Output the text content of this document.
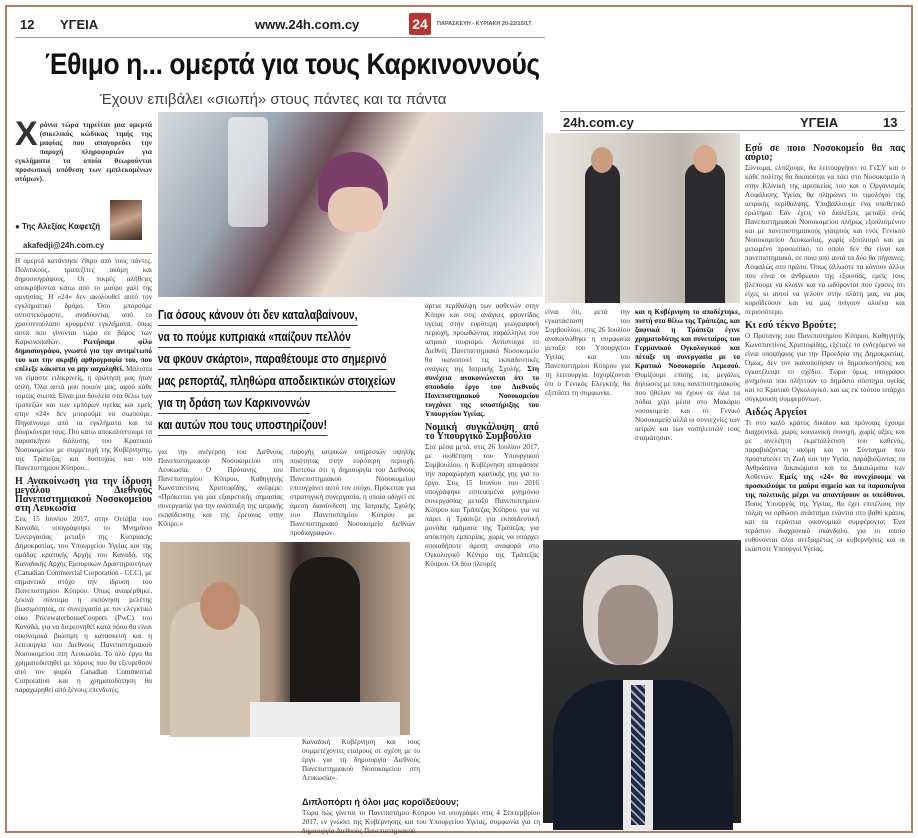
12 ΥΓΕΙΑ	www.24h.com.cy	24	ΠΑΡΑΣΚΕΥΗ - ΚΥΡΙΑΚΗ 20-22/10/17
Έθιμο η... ομερτά για τους Καρκινοννούς
Έχουν επιβάλει «σιωπή» στους πάντες και τα πάντα
24h.com.cy	ΥΓΕΙΑ	13
Χρόνια τώρα τηρείται μια ομερτά (σικελικός κώδικας τιμής της μαφίας που απαγορεύει την παροχή πληροφοριών για εγκλήματα τα οποία θεωρούνται προσωπική υπόθεση των εμπλεκομένων ατόμων).
● Της Αλεξίας Καφετζή
akafedji@24h.com.cy
Η ομερτά κατάντησε έθιμο από τους πάντες. Πολιτικούς, τραπεζίτες ακόμη και δημοσιογράφους. Οι πικρές αλήθειες αποκρύβονται κάτω από το μαύρο χαλί της αμνησίας. Η «24» δεν ακολουθεί αυτό τον εγκληματικό δρόμο. Όσο μπορούμε αντιστεκόμαστε, αναδύοντας από το χρονοντούλαπο κρυμμένα εγκλήματα, όπως αυτά που γίνονται τώρα σε βάρος των Καρκινοπαθών.	Ρωτήσαμε φίλο δημοσιογράφο, γνωστό για την αντιμέτωπό του και την ακριβή αρθρογραφία του, που επέλεξε κάκιστα να μην ασχοληθεί. Μάλιστα να είμαστε ειλικρινείς, η ερώτησή μας ήταν απλή. Όλα αυτά μου ποιούν μας, αφού κάθε τομέας σιωπά. Είναι μια δουλεία στα θέλω των τραπεζών και των εμπόρων υγείας και εμείς στην «24» δεν μπορούμε να σιωπούμε. Πηγαίνουμε από τα εγκλήματα και τα βουρκόνερα τους. Πιο κάτω αποκαλύπτουμε τα παρασκήνια διάλυσης του Κρατικού Νοσοκομείου με συμμετοχή της Κυβέρνησης, της Τράπεζας και δυστυχώς και του Πανεπιστημίου Κύπρου...
Η Ανακοίνωση για την ίδρυση μεγάλου Διεθνούς Πανεπιστημιακού Νοσοκομείου στη Λευκωσία
Στις 15 Ιουνίου 2017, στην Οττάβα του Καναδά, υπογράφτηκε το Μνημόνιο Συνεργασίας μεταξύ της Κυπριακής Δημοκρατίας, του Υπουργείου Υγείας και της ομάδας κρατικής Αρχής του Καναδά, της Καναδικής Αρχής Εμπορικών Δραστηριοτήτων (Canadian Commercial Corporation - CCC), με σημαντικό στόχο την ίδρυση του Πανεπιστημίου Κύπρου. Όπως αναφέρθηκε, ξεκινά σύντομα η εκπόνηση μελέτης βιωσιμότητας, σε συνεργασία με τον ελεγκτικό οίκο PricewaterhouseCoopers (PwC) του Καναδά, για να διερευνηθεί κατά πόσο θα είναι οικονομικά βιώσιμη η κατασκευή και η λειτουργία του Διεθνούς Πανεπιστημιακού Νοσοκομείου στη Λευκωσία. Το όλο έργο θα χρηματοδοτηθεί με πόρους που θα εξευρεθούν από τον φορέα Canadian Commercial Corporation και η χρηματοδότηση θα παραχωρηθεί από ξένους επενδυτές.
Για όσους κάνουν ότι δεν καταλαβαίνουν,
να το πούμε κυπριακά «παίζουν πελλόν
να φκουν σκάρτοι», παραθέτουμε στο σημερινό
μας ρεπορτάζ, πληθώρα αποδεικτικών στοιχείων
για τη δράση των Καρκινοννών
και αυτών που τους υποστηρίζουν!
για την ανέγερση του Διεθνούς Πανεπιστημιακού Νοσοκομείου στη Λευκωσία. Ο Πρύτανης του Πανεπιστημίου Κύπρου, Καθηγητής Κωνσταντίνος Χριστοφίδης, ανέφερε: «Πρόκειται για μια εξαιρετικής σημασίας συνεργασία για την ανάπτυξη της ιατρικής εκπαίδευσης και της έρευνας στην Κύπρο.»
παροχής ιατρικών υπηρεσιών υψηλής ποιότητας στην ευρύτερη περιοχή. Πιστεύω ότι η δημιουργία του Διεθνούς Πανεπιστημιακού Νοσοκομείου επιτυγχάνει αυτό τον στόχο. Πρόκειται για στρατηγική συνεργασία, η οποία οδηγεί σε άμεση διασύνδεση της Ιατρικής Σχολής του Πανεπιστημίου Κύπρου με Πανεπιστημιακό Νοσοκομείο διεθνών προδιαγραφών.
άρτια περίθαλψη των ασθενών στην Κύπρο και στις ανάγκες φροντίδας υγείας στην ευρύτερη γεωγραφική περιοχή, προωθώντας παράλληλα τον ιατρικό τουρισμό. Αντίστοιχα το Διεθνές Πανεπιστημιακό Νοσοκομείο θα ικανοποιεί τις εκπαιδευτικές ανάγκες της Ιατρικής Σχολής. Στη συνέχεια ανακοινώνεται ότι το σπουδαίο έργο του Διεθνούς Πανεπιστημιακού Νοσοκομείου τυγχάνει της υποστήριξης του Υπουργείου Υγείας.
Νομική συγκάλυψη από το Υπουργικό Συμβούλιο
Στα μέσα μετά, στις 26 Ιουλίου 2017, με υιοθέτηση του Υπουργικού Συμβουλίου, η Κυβέρνηση αποφάσισε την παραχώρηση κρατικής γης για το έργο. Στις 15 Ιουνίου του 2016 υπογράφηκε εσπευσμένα μνημόνιο συνεργασίας μεταξύ Πανεπιστημίου Κύπρου και Τράπεζας Κύπρου, για να πάρει η Τράπεζα για εκπαιδευτική μονάδα τμήματα της Τράπεζας για απόκτηση εμπειρίας, χωρίς να υπάρχει οποιαδήποτε άμεση αναφορά στο Ογκολογικό Κέντρο της Τράπεζας Κύπρου. Οι δύο πλευρές
Καναδική Κυβέρνηση και τους συμμετέχοντες εταίρους σε σχέση με το έργο για τη δημιουργία Διεθνούς Πανεπιστημιακού Νοσοκομείου στη Λευκωσία».
Διπλοπόρτι ή όλοι μας κοροϊδεύουν;
Τώρα πώς γίνεται το Πανεπιστήμιο Κύπρου να υπογράφει στις 4 Σεπτεμβρίου 2017, εν γνώσει της Κυβέρνησης και του Υπουργείου Υγείας, συμφωνία για τη δημιουργία Διεθνούς Πανεπιστημιακού
είναι ότι, μετά την εγκατάσταση του Συμβουλίου, στις 26 Ιουλίου ανακοινώθηκε η συμφωνία μεταξύ του Υπουργείου Υγείας και του Πανεπιστημίου Κύπρου για τη λειτουργία. Ισχυρίζονται ότι ο Γενικός Ελεγκτής θα εξετάσει τη συμφωνία.
και η Κυβέρνηση το αποδέχτηκε, πιστή στα θέλω της Τράπεζας, και ξαφνικά η Τράπεζα έγινε χρηματοδότης και συνεταίρος του Γερμανικού Ογκολογικού και πέταξε τη συνεργασία με το Κρατικό Νοσοκομείο Λεμεσού. Θυμίζουμε επίσης τις μεγάλες δηλώσεις με τους πανεπιστημιακούς που ήθελαν να έχουν σε όλα τα πόδια χέρι μέσα στο Μακάριο νοσοκομείο και το Γενικό Νοσοκομείο αλλά οι συντεχνίες των ιατρών και των νοσηλευτών τους σταμάτησαν.
Εσύ σε ποιο Νοσοκομείο θα πας αύριο;
Σύντομα, ελπίζουμε, θα λειτουργήσει το ΓεΣΥ και ο κάθε πολίτης θα δικαιούται να πάει στο Νοσοκομείο ή στην Κλινική της αρεσκείας του και ο Οργανισμός Ασφάλισης Υγείας θα πληρώνει το τιμολόγιο της ιατρικής περίθαλψης. Υποβάλλουμε ένα υποθετικό ερώτημα: Εάν έχεις να διαλέξεις μεταξύ ενός Πανεπιστημιακού Νοσοκομείου πλήρως εξοπλισμένου και με πανεπιστημιακούς γιατρούς και ενός Γενικού Νοσοκομείου Λευκωσίας, χωρίς εξοπλισμό και με μειωμένο προσωπικό, το οποίο δεν θα είναι και πανεπιστημιακό, σε ποιο από αυτά τα δύο θα πήγαινες; Ασφαλώς στο πρώτο. Όπως άλλωστε τα κάνουν άλλοι που είναι οι άνθρωποι της εξουσίας, εμείς τους βλέπουμε να κλαίνε και να ωδύρονται που έχασες ότι είχες κι αυτοί να γελούν στην πλάτη μας, να μας κοροϊδεύουν και να μας πνίγουν ολοένα και περισσότερο.
Κι εσύ τέκνο Βρούτε;
Ο Πρύτανης του Πανεπιστημίου Κύπρου, Καθηγητής Κωνσταντίνος Χριστοφίδης, εξέταζε το ενδεχόμενο να είναι υποψήφιος για την Προεδρία της Δημοκρατίας. Όμως, δεν τον ικανοποίησαν οι δημοσκοπήσεις και εγκατέλειψε το σχέδιο. Τώρα όμως υπογράφει μνημόνια που πλήττουν το δημόσιο σύστημα υγείας και το Κρατικό Ογκολογικό, και ως εκ τούτου υπάρχει σύγκρουση συμφερόντων.
Αιδώς Αργείοι
Τι στο καλό κράτος δικαίου και πρόνοιας έχουμε διαχρονικά, χωρίς κοινωνική συνοχή, χωρίς αξίες και με ανελέητη εκμετάλλευση του καθενός, παραβιάζοντας ακόμη και το Σύνταγμα που προστατεύει τη Ζωή και την Υγεία, παραβιάζοντας τα Ανθρώπινα Δικαιώματα και τα Δικαιώματα των Ασθενών. Εμείς της «24» θα συνεχίσουμε να προσκαλούμε τα μαύρα σημεία και τα παρασκήνια της πολιτικής μέχρι να απαντήσουν οι υπεύθυνοι. Ποιος Υπουργός της Υγείας, θα έχει επιτέλους την τόλμη να ορθώσει ανάστημα ενάντια στο βαθύ κράτος και τα τεράστια οικονομικά συμφέροντα; Ένα τεράστιο διαχρονικό σκάνδαλο, για το οποίο ευθύνονται όλοι ανεξαιρέτως οι κυβερνήσεις και οι εκάστοτε Υπουργοί Υγείας.
